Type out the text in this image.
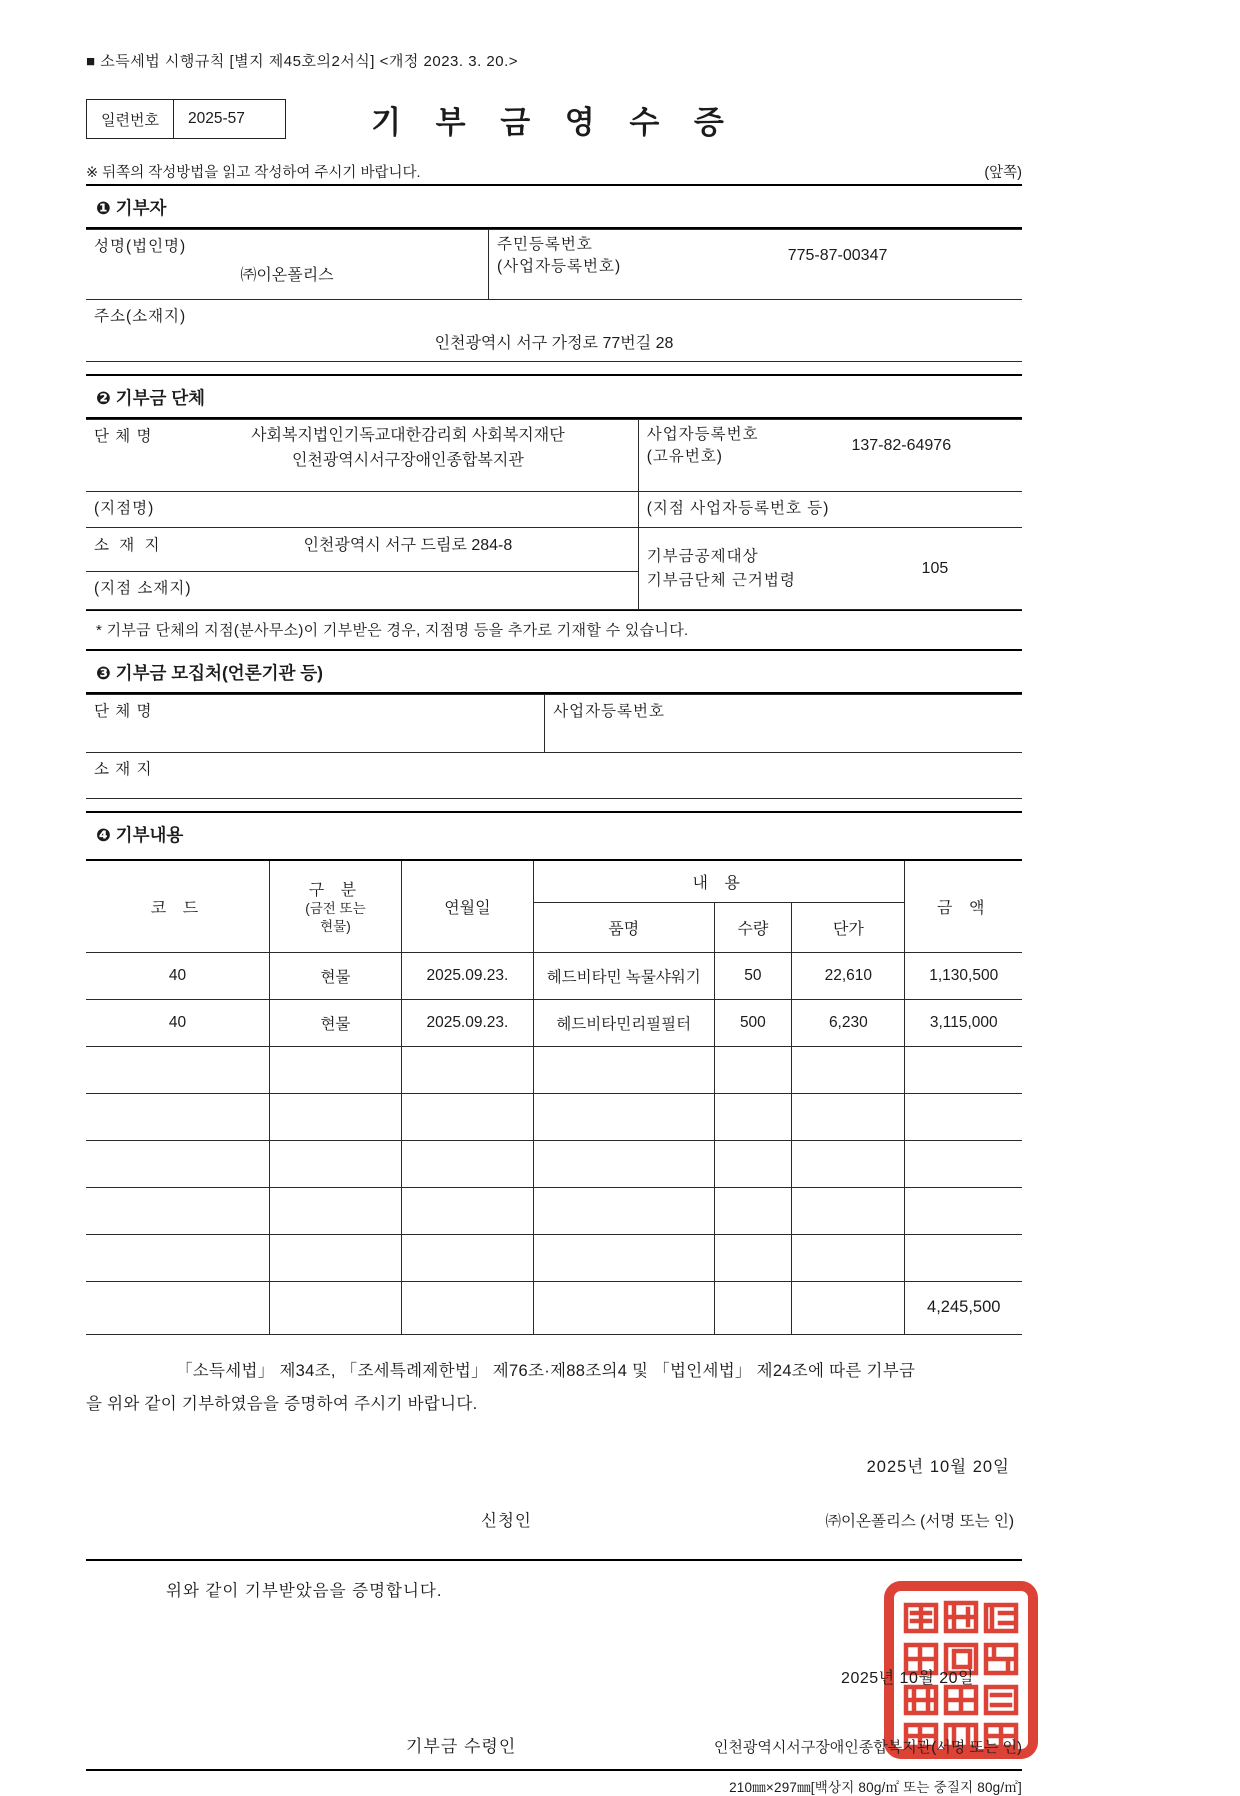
■ 소득세법 시행규칙 [별지 제45호의2서식] <개정 2023. 3. 20.>
일련번호	2025-57	기 부 금 영 수 증
※ 뒤쪽의 작성방법을 읽고 작성하여 주시기 바랍니다.	(앞쪽)
❶ 기부자
성명(법인명)
㈜이온폴리스

주민등록번호
(사업자등록번호)
775-87-00347

주소(소재지)
인천광역시 서구 가정로 77번길 28
❷ 기부금 단체
단 체 명	사회복지법인기독교대한감리회 사회복지재단
인천광역시서구장애인종합복지관

사업자등록번호
(고유번호)
137-82-64976

(지점명)	(지점 사업자등록번호 등)

소 재 지	인천광역시 서구 드림로 284-8

기부금공제대상
기부금단체 근거법령
105

(지점 소재지)	
* 기부금 단체의 지점(분사무소)이 기부받은 경우, 지점명 등을 추가로 기재할 수 있습니다.
❸ 기부금 모집처(언론기관 등)
단 체 명	사업자등록번호

소 재 지
❹ 기부내용
코 드	구 분
(금전 또는
현물)	연월일	내 용			금 액
			품명	수량	단가	
40	현물	2025.09.23.	헤드비타민 녹물샤워기	50	22,610	1,130,500
40	현물	2025.09.23.	헤드비타민리필필터	500	6,230	3,115,000

						4,245,500
「소득세법」 제34조, 「조세특례제한법」 제76조·제88조의4 및 「법인세법」 제24조에 따른 기부금
을 위와 같이 기부하였음을 증명하여 주시기 바랍니다.
2025년 10월 20일
신청인	㈜이온폴리스 (서명 또는 인)
위와 같이 기부받았음을 증명합니다.
2025년 10월 20일
기부금 수령인	인천광역시서구장애인종합복지관(서명 또는 인)
210㎜×297㎜[백상지 80g/㎡ 또는 중질지 80g/㎡]
